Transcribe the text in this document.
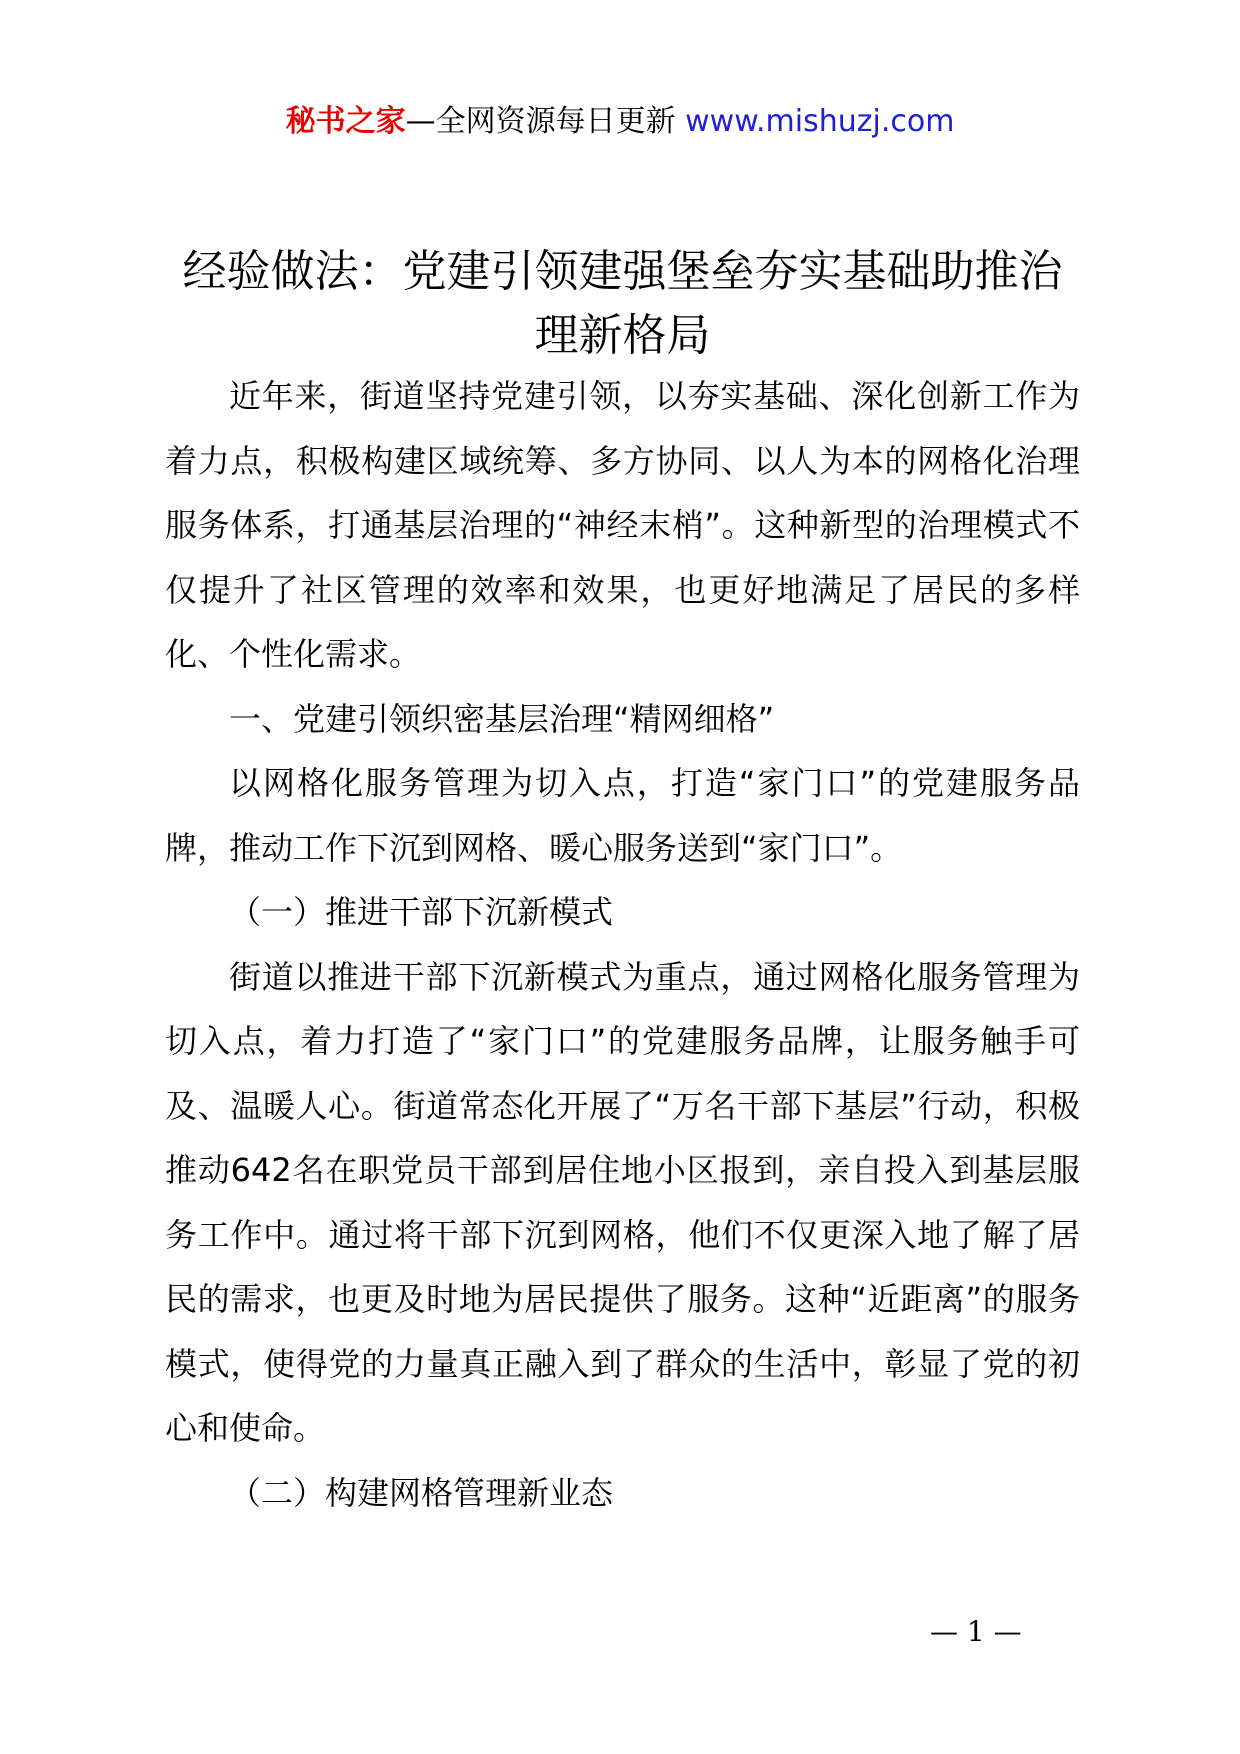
秘书之家—全网资源每日更新 www.mishuzj.com
经验做法：党建引领建强堡垒夯实基础助推治理新格局

近年来，街道坚持党建引领，以夯实基础、深化创新工作为着力点，积极构建区域统筹、多方协同、以人为本的网格化治理服务体系，打通基层治理的“神经末梢”。这种新型的治理模式不仅提升了社区管理的效率和效果，也更好地满足了居民的多样化、个性化需求。

一、党建引领织密基层治理“精网细格”

以网格化服务管理为切入点，打造“家门口”的党建服务品牌，推动工作下沉到网格、暖心服务送到“家门口”。

（一）推进干部下沉新模式

街道以推进干部下沉新模式为重点，通过网格化服务管理为切入点，着力打造了“家门口”的党建服务品牌，让服务触手可及、温暖人心。街道常态化开展了“万名干部下基层”行动，积极推动642名在职党员干部到居住地小区报到，亲自投入到基层服务工作中。通过将干部下沉到网格，他们不仅更深入地了解了居民的需求，也更及时地为居民提供了服务。这种“近距离”的服务模式，使得党的力量真正融入到了群众的生活中，彰显了党的初心和使命。

（二）构建网格管理新业态

— 1 —
